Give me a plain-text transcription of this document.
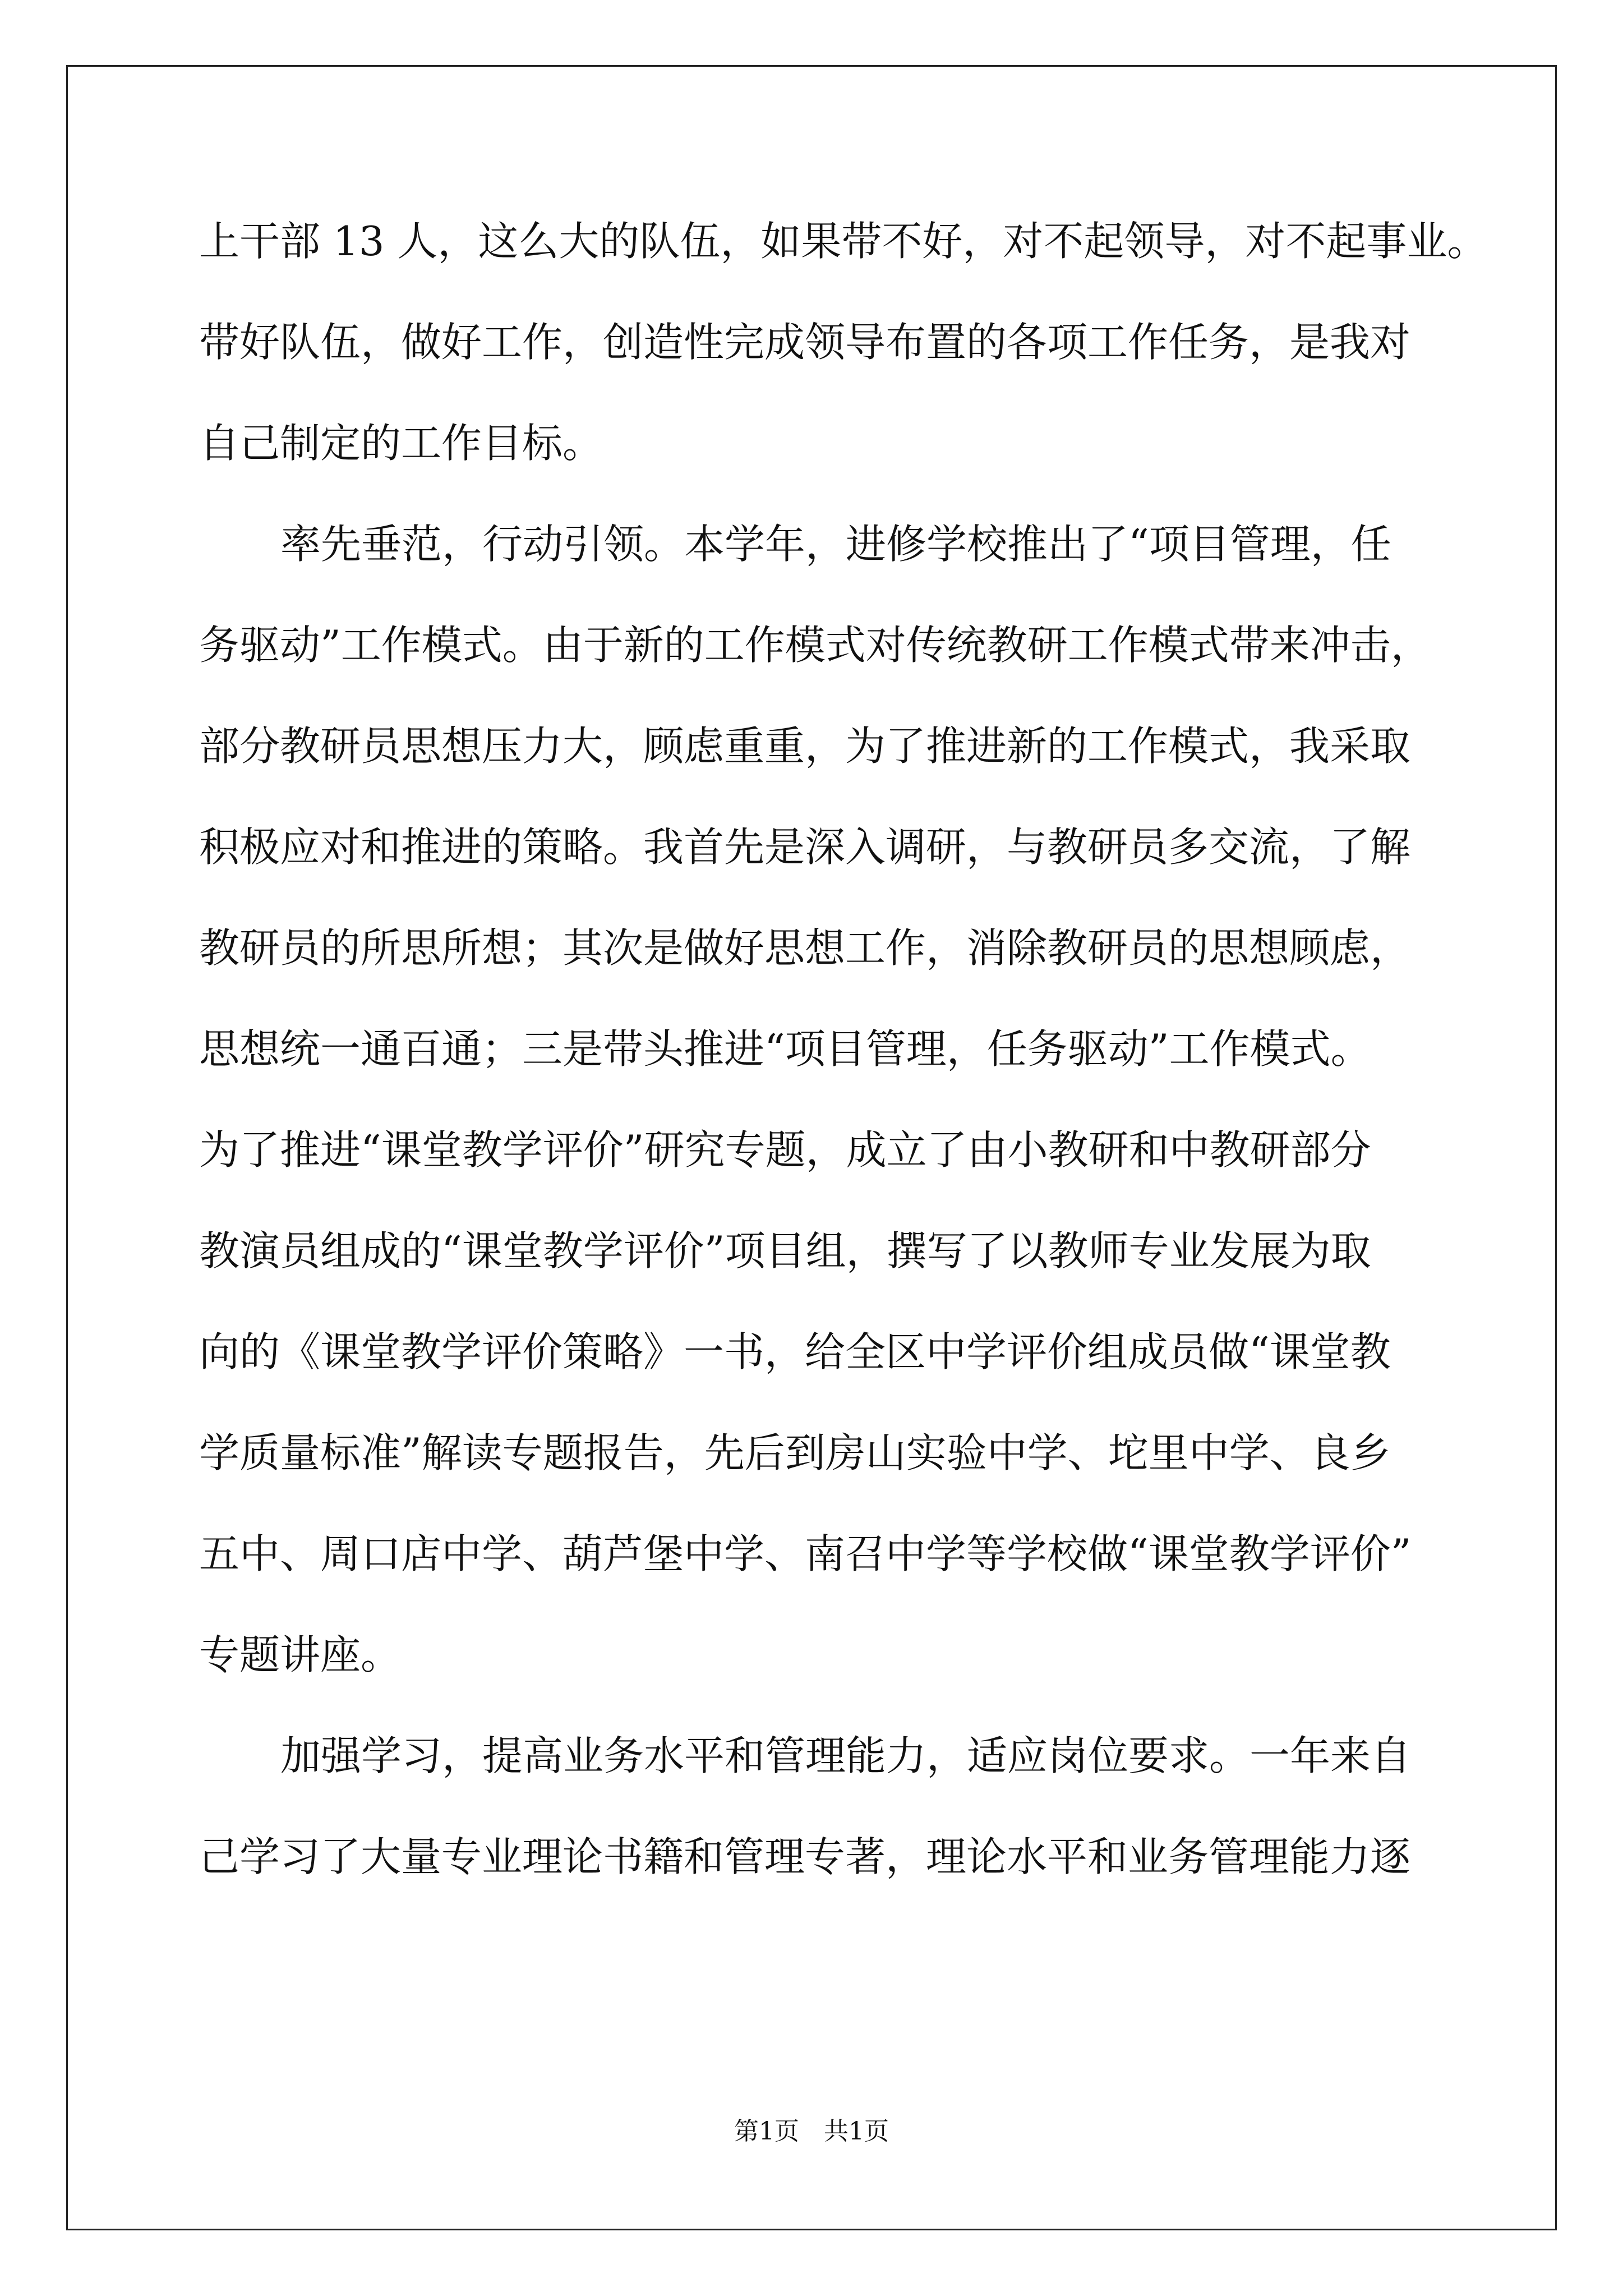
上干部 13 人，这么大的队伍，如果带不好，对不起领导，对不起事业。
带好队伍，做好工作，创造性完成领导布置的各项工作任务，是我对
自己制定的工作目标。
率先垂范，行动引领。本学年，进修学校推出了“项目管理，任
务驱动”工作模式。由于新的工作模式对传统教研工作模式带来冲击，
部分教研员思想压力大，顾虑重重，为了推进新的工作模式，我采取
积极应对和推进的策略。我首先是深入调研，与教研员多交流，了解
教研员的所思所想；其次是做好思想工作，消除教研员的思想顾虑，
思想统一通百通；三是带头推进“项目管理，任务驱动”工作模式。
为了推进“课堂教学评价”研究专题，成立了由小教研和中教研部分
教演员组成的“课堂教学评价”项目组，撰写了以教师专业发展为取
向的《课堂教学评价策略》一书，给全区中学评价组成员做“课堂教
学质量标准”解读专题报告，先后到房山实验中学、坨里中学、良乡
五中、周口店中学、葫芦堡中学、南召中学等学校做“课堂教学评价”
专题讲座。
加强学习，提高业务水平和管理能力，适应岗位要求。一年来自
己学习了大量专业理论书籍和管理专著，理论水平和业务管理能力逐
第1页　共1页
